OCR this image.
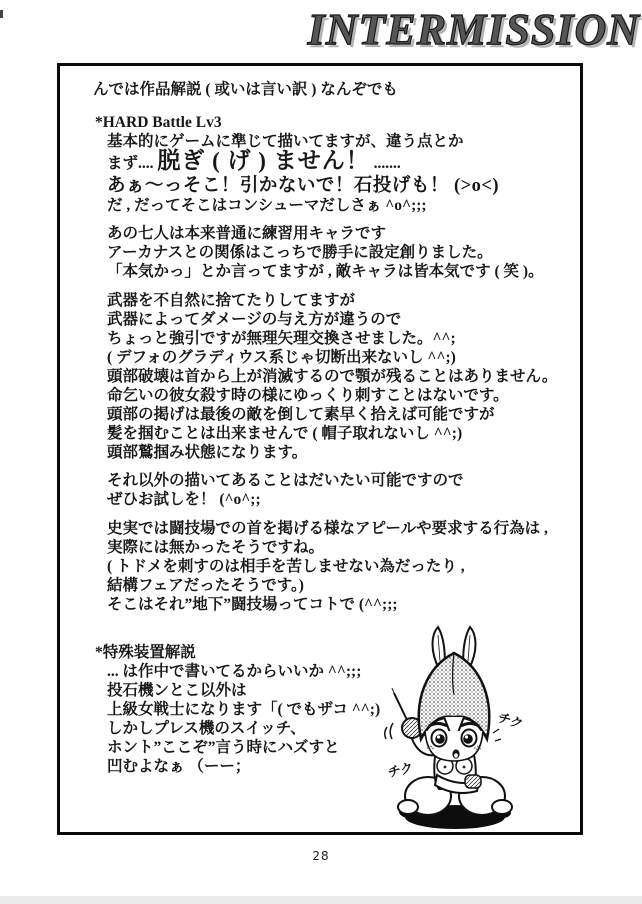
INTERMISSION
んでは作品解説 ( 或いは言い訳 ) なんぞでも
*HARD Battle Lv3
基本的にゲームに準じて描いてますが、違う点とか
まず.... 脱ぎ ( げ ) ません！ .......
あぁ～っそこ！引かないで！石投げも！ (>o<)
だ , だってそこはコンシューマだしさぁ ^o^;;;
あの七人は本来普通に練習用キャラです
アーカナスとの関係はこっちで勝手に設定創りました。
「本気かっ」とか言ってますが , 敵キャラは皆本気です ( 笑 )。
武器を不自然に捨てたりしてますが
武器によってダメージの与え方が違うので
ちょっと強引ですが無理矢理交換させました。^^;
( デフォのグラディウス系じゃ切断出来ないし ^^;)
頭部破壊は首から上が消滅するので顎が残ることはありません。
命乞いの彼女殺す時の様にゆっくり刺すことはないです。
頭部の掲げは最後の敵を倒して素早く拾えば可能ですが
髪を掴むことは出来ませんで ( 帽子取れないし ^^;)
頭部鷲掴み状態になります。
それ以外の描いてあることはだいたい可能ですので
ぜひお試しを！ (^o^;;
史実では闘技場での首を掲げる様なアピールや要求する行為は ,
実際には無かったそうですね。
( トドメを刺すのは相手を苦しませない為だったり ,
結構フェアだったそうです。)
そこはそれ”地下”闘技場ってコトで (^^;;;
*特殊装置解説
... は作中で書いてるからいいか ^^;;;
投石機ンとこ以外は
上級女戦士になります「( でもザコ ^^;)
しかしプレス機のスイッチ、
ホント”ここぞ”言う時にハズすと
凹むよなぁ （ーー；	チク
チク
28
